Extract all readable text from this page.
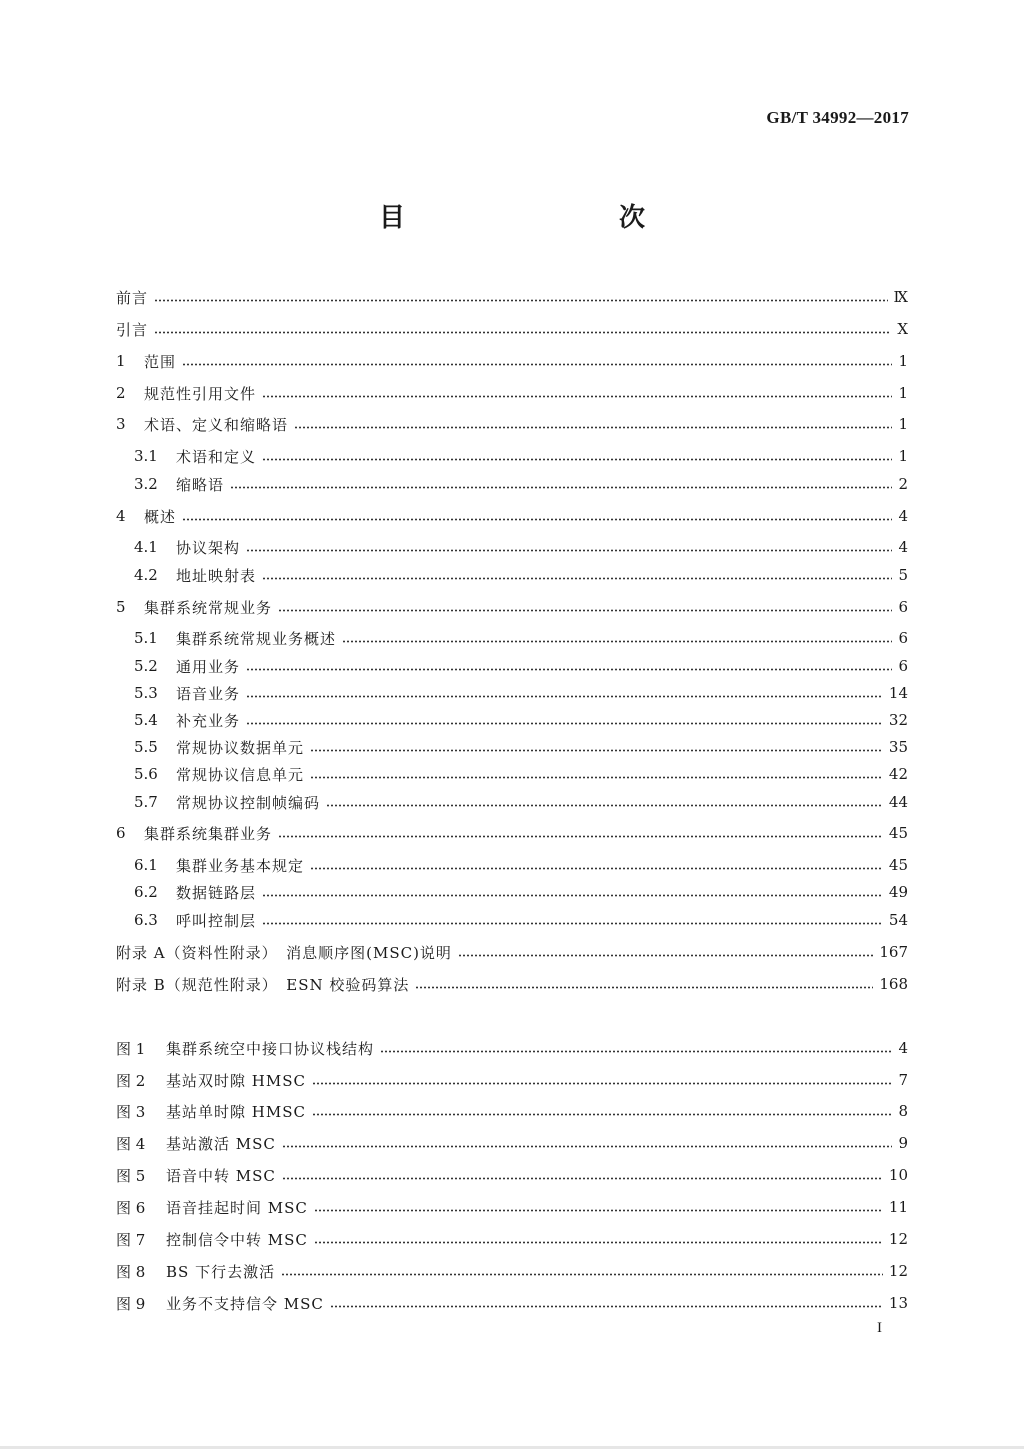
GB/T 34992—2017
目　　次
前言	Ⅸ
引言	Ⅹ
1	范围	1
2	规范性引用文件	1
3	术语、定义和缩略语	1
3.1	术语和定义	1
3.2	缩略语	2
4	概述	4
4.1	协议架构	4
4.2	地址映射表	5
5	集群系统常规业务	6
5.1	集群系统常规业务概述	6
5.2	通用业务	6
5.3	语音业务	14
5.4	补充业务	32
5.5	常规协议数据单元	35
5.6	常规协议信息单元	42
5.7	常规协议控制帧编码	44
6	集群系统集群业务	45
6.1	集群业务基本规定	45
6.2	数据链路层	49
6.3	呼叫控制层	54
附录 A（资料性附录）　消息顺序图(MSC)说明	167
附录 B（规范性附录）　ESN 校验码算法	168
图 1	集群系统空中接口协议栈结构	4
图 2	基站双时隙 HMSC	7
图 3	基站单时隙 HMSC	8
图 4	基站激活 MSC	9
图 5	语音中转 MSC	10
图 6	语音挂起时间 MSC	11
图 7	控制信令中转 MSC	12
图 8	BS 下行去激活	12
图 9	业务不支持信令 MSC	13
I
